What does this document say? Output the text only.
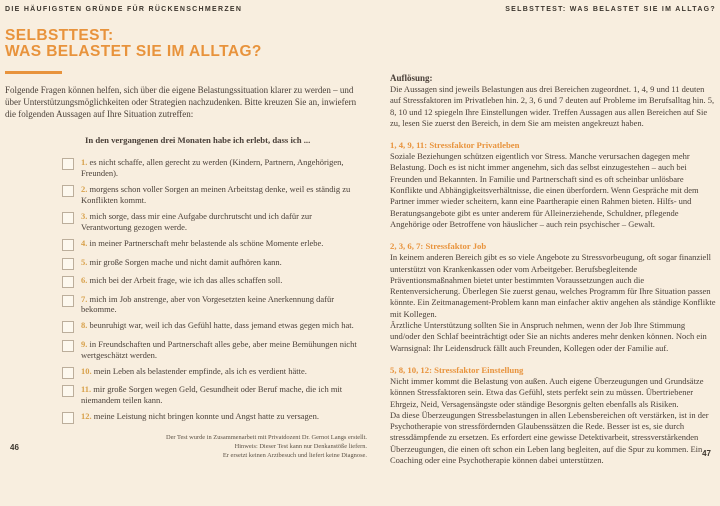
DIE HÄUFIGSTEN GRÜNDE FÜR RÜCKENSCHMERZEN
SELBSTTEST:
WAS BELASTET SIE IM ALLTAG?
Folgende Fragen können helfen, sich über die eigene Belastungssituation klarer zu werden – und über Unterstützungsmöglichkeiten oder Strategien nachzudenken. Bitte kreuzen Sie an, inwiefern die folgenden Aussagen auf Ihre Situation zutreffen:
In den vergangenen drei Monaten habe ich erlebt, dass ich ...
1. es nicht schaffe, allen gerecht zu werden (Kindern, Partnern, Angehörigen, Freunden).
2. morgens schon voller Sorgen an meinen Arbeitstag denke, weil es ständig zu Konflikten kommt.
3. mich sorge, dass mir eine Aufgabe durchrutscht und ich dafür zur Verantwortung gezogen werde.
4. in meiner Partnerschaft mehr belastende als schöne Momente erlebe.
5. mir große Sorgen mache und nicht damit aufhören kann.
6. mich bei der Arbeit frage, wie ich das alles schaffen soll.
7. mich im Job anstrenge, aber von Vorgesetzten keine Anerkennung dafür bekomme.
8. beunruhigt war, weil ich das Gefühl hatte, dass jemand etwas gegen mich hat.
9. in Freundschaften und Partnerschaft alles gebe, aber meine Bemühungen nicht wertgeschätzt werden.
10. mein Leben als belastender empfinde, als ich es verdient hätte.
11. mir große Sorgen wegen Geld, Gesundheit oder Beruf mache, die ich mit niemandem teilen kann.
12. meine Leistung nicht bringen konnte und Angst hatte zu versagen.
Der Test wurde in Zusammenarbeit mit Privatdozent Dr. Gernot Langs erstellt.
Hinweis: Dieser Test kann nur Denkanstöße liefern.
Er ersetzt keinen Arztbesuch und liefert keine Diagnose.
46
SELBSTTEST: WAS BELASTET SIE IM ALLTAG?
Auflösung:

Die Aussagen sind jeweils Belastungen aus drei Bereichen zugeordnet. 1, 4, 9 und 11 deuten auf Stressfaktoren im Privatleben hin. 2, 3, 6 und 7 deuten auf Probleme im Berufsalltag hin. 5, 8, 10 und 12 spiegeln Ihre Einstellungen wider. Treffen Aussagen aus allen Bereichen auf Sie zu, lesen Sie zuerst den Bereich, in dem Sie am meisten angekreuzt haben.

1, 4, 9, 11: Stressfaktor Privatleben

Soziale Beziehungen schützen eigentlich vor Stress. Manche verursachen dagegen mehr Belastung. Doch es ist nicht immer angenehm, sich das selbst einzugestehen – auch bei Freunden und Bekannten. In Familie und Partnerschaft sind es oft scheinbar unlösbare Konflikte und Abhängigkeitsverhältnisse, die einen überfordern. Wenn Gespräche mit dem Partner immer wieder scheitern, kann eine Paartherapie einen Rahmen bieten. Hilfs- und Beratungsangebote gibt es unter anderem für Alleinerziehende, Schuldner, pflegende Angehörige oder Betroffene von häuslicher – auch rein psychischer – Gewalt.

2, 3, 6, 7: Stressfaktor Job

In keinem anderen Bereich gibt es so viele Angebote zu Stressvorbeugung, oft sogar finanziell unterstützt von Krankenkassen oder vom Arbeitgeber. Berufsbegleitende Präventionsmaßnahmen bietet unter bestimmten Voraussetzungen auch die Rentenversicherung. Überlegen Sie zuerst genau, welches Programm für Ihre Situation passen könnte. Ein Zeitmanagement-Problem kann man einfacher aktiv angehen als ständige Konflikte mit Kollegen.

Ärztliche Unterstützung sollten Sie in Anspruch nehmen, wenn der Job Ihre Stimmung und/oder den Schlaf beeinträchtigt oder Sie an nichts anderes mehr denken können. Noch ein Warnsignal: Ihr Leidensdruck fällt auch Freunden, Kollegen oder der Familie auf.

5, 8, 10, 12: Stressfaktor Einstellung

Nicht immer kommt die Belastung von außen. Auch eigene Überzeugungen und Grundsätze können Stressfaktoren sein. Etwa das Gefühl, stets perfekt sein zu müssen. Übertriebener Ehrgeiz, Neid, Versagensängste oder ständige Besorgnis gelten ebenfalls als Risiken.

Da diese Überzeugungen Stressbelastungen in allen Lebensbereichen oft verstärken, ist in der Psychotherapie von stressfördernden Glaubenssätzen die Rede. Besser ist es, sie durch stressdämpfende zu ersetzen. Es erfordert eine gewisse Detektivarbeit, stressverstärkenden Überzeugungen, die einen oft schon ein Leben lang begleiten, auf die Spur zu kommen. Ein Coaching oder eine Psychotherapie können dabei unterstützen.

47
